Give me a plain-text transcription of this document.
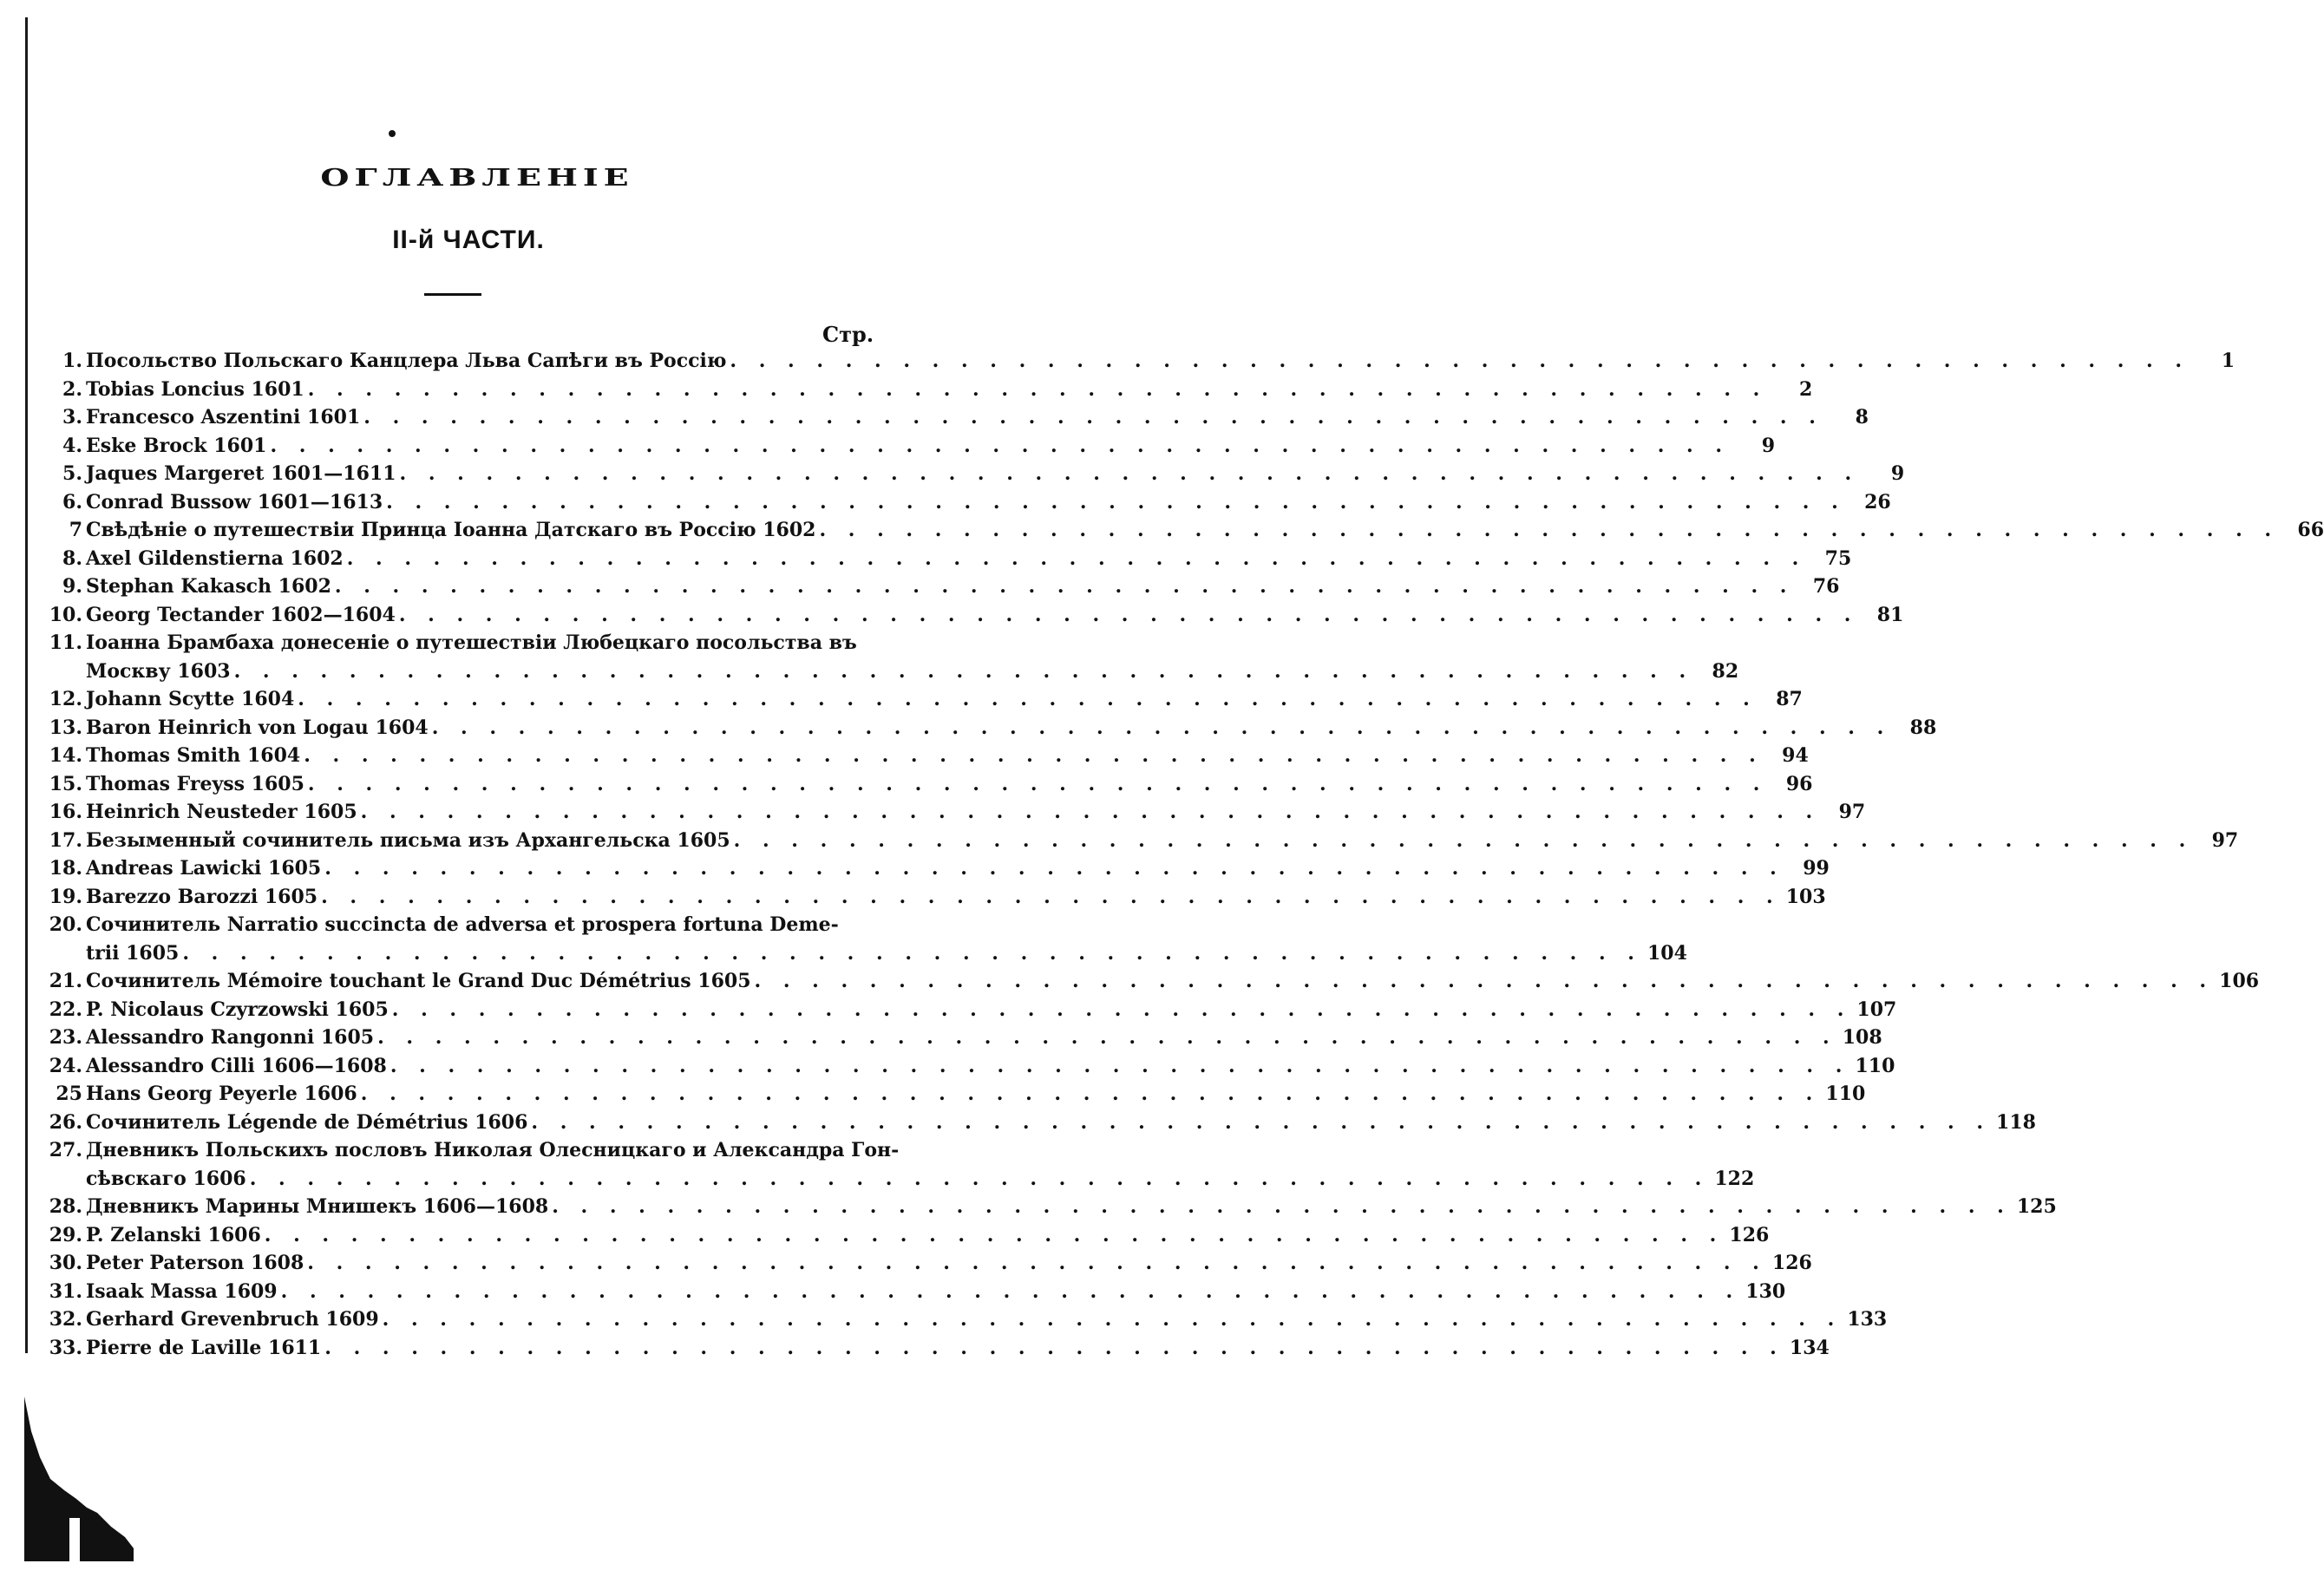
ОГЛАВЛЕНІЕ
II-й ЧАСТИ.
Стр.
1. Посольство Польскаго Канцлера Льва Сапѣги въ Россію . . .	1
2. Tobias Loncius 1601 . . .	2
3. Francesco Aszentini 1601 . . .	8
4. Eske Brock 1601 . . .	9
5. Jaques Margeret 1601—1611 . . .	9
6. Conrad Bussow 1601—1613 . . .	26
7 Свѣдѣніе о путешествіи Принца Іоанна Датскаго въ Россію 1602 . . .	66
8. Axel Gildenstierna 1602 . . .	75
9. Stephan Kakasch 1602 . . .	76
10. Georg Tectander 1602—1604 . . .	81
11. Іоанна Брамбаха донесеніе о путешествіи Любецкаго посольства въ
Москву 1603 . . .	82
12. Johann Scytte 1604 . . .	87
13. Baron Heinrich von Logau 1604 . . .	88
14. Thomas Smith 1604 . . .	94
15. Thomas Freyss 1605 . . .	96
16. Heinrich Neusteder 1605 . . .	97
17. Безыменный сочинитель письма изъ Архангельска 1605 . . .	97
18. Andreas Lawicki 1605 . . .	99
19. Barezzo Barozzi 1605 . . .	103
20. Сочинитель Narratio succincta de adversa et prospera fortuna Deme-
trii 1605 . . .	104
21. Сочинитель Mémoire touchant le Grand Duc Démétrius 1605 . . .	106
22. P. Nicolaus Czyrzowski 1605 . . .	107
23. Alessandro Rangonni 1605 . . .	108
24. Alessandro Cilli 1606—1608 . . .	110
25 Hans Georg Peyerle 1606 . . .	110
26. Сочинитель Légende de Démétrius 1606 . . .	118
27. Дневникъ Польскихъ пословъ Николая Олесницкаго и Александра Гон-
сѣвскаго 1606 . . .	122
28. Дневникъ Марины Мнишекъ 1606—1608 . . .	125
29. P. Zelanski 1606 . . .	126
30. Peter Paterson 1608 . . .	126
31. Isaak Massa 1609 . . .	130
32. Gerhard Grevenbruch 1609 . . .	133
33. Pierre de Laville 1611 . . .	134
